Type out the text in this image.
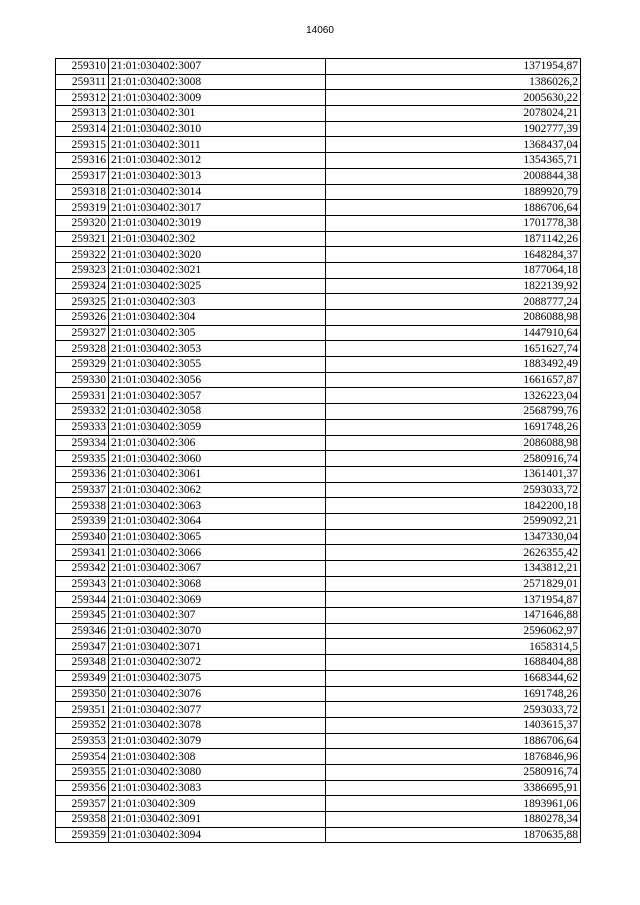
14060
259310	21:01:030402:3007	1371954,87
259311	21:01:030402:3008	1386026,2
259312	21:01:030402:3009	2005630,22
259313	21:01:030402:301	2078024,21
259314	21:01:030402:3010	1902777,39
259315	21:01:030402:3011	1368437,04
259316	21:01:030402:3012	1354365,71
259317	21:01:030402:3013	2008844,38
259318	21:01:030402:3014	1889920,79
259319	21:01:030402:3017	1886706,64
259320	21:01:030402:3019	1701778,38
259321	21:01:030402:302	1871142,26
259322	21:01:030402:3020	1648284,37
259323	21:01:030402:3021	1877064,18
259324	21:01:030402:3025	1822139,92
259325	21:01:030402:303	2088777,24
259326	21:01:030402:304	2086088,98
259327	21:01:030402:305	1447910,64
259328	21:01:030402:3053	1651627,74
259329	21:01:030402:3055	1883492,49
259330	21:01:030402:3056	1661657,87
259331	21:01:030402:3057	1326223,04
259332	21:01:030402:3058	2568799,76
259333	21:01:030402:3059	1691748,26
259334	21:01:030402:306	2086088,98
259335	21:01:030402:3060	2580916,74
259336	21:01:030402:3061	1361401,37
259337	21:01:030402:3062	2593033,72
259338	21:01:030402:3063	1842200,18
259339	21:01:030402:3064	2599092,21
259340	21:01:030402:3065	1347330,04
259341	21:01:030402:3066	2626355,42
259342	21:01:030402:3067	1343812,21
259343	21:01:030402:3068	2571829,01
259344	21:01:030402:3069	1371954,87
259345	21:01:030402:307	1471646,88
259346	21:01:030402:3070	2596062,97
259347	21:01:030402:3071	1658314,5
259348	21:01:030402:3072	1688404,88
259349	21:01:030402:3075	1668344,62
259350	21:01:030402:3076	1691748,26
259351	21:01:030402:3077	2593033,72
259352	21:01:030402:3078	1403615,37
259353	21:01:030402:3079	1886706,64
259354	21:01:030402:308	1876846,96
259355	21:01:030402:3080	2580916,74
259356	21:01:030402:3083	3386695,91
259357	21:01:030402:309	1893961,06
259358	21:01:030402:3091	1880278,34
259359	21:01:030402:3094	1870635,88
